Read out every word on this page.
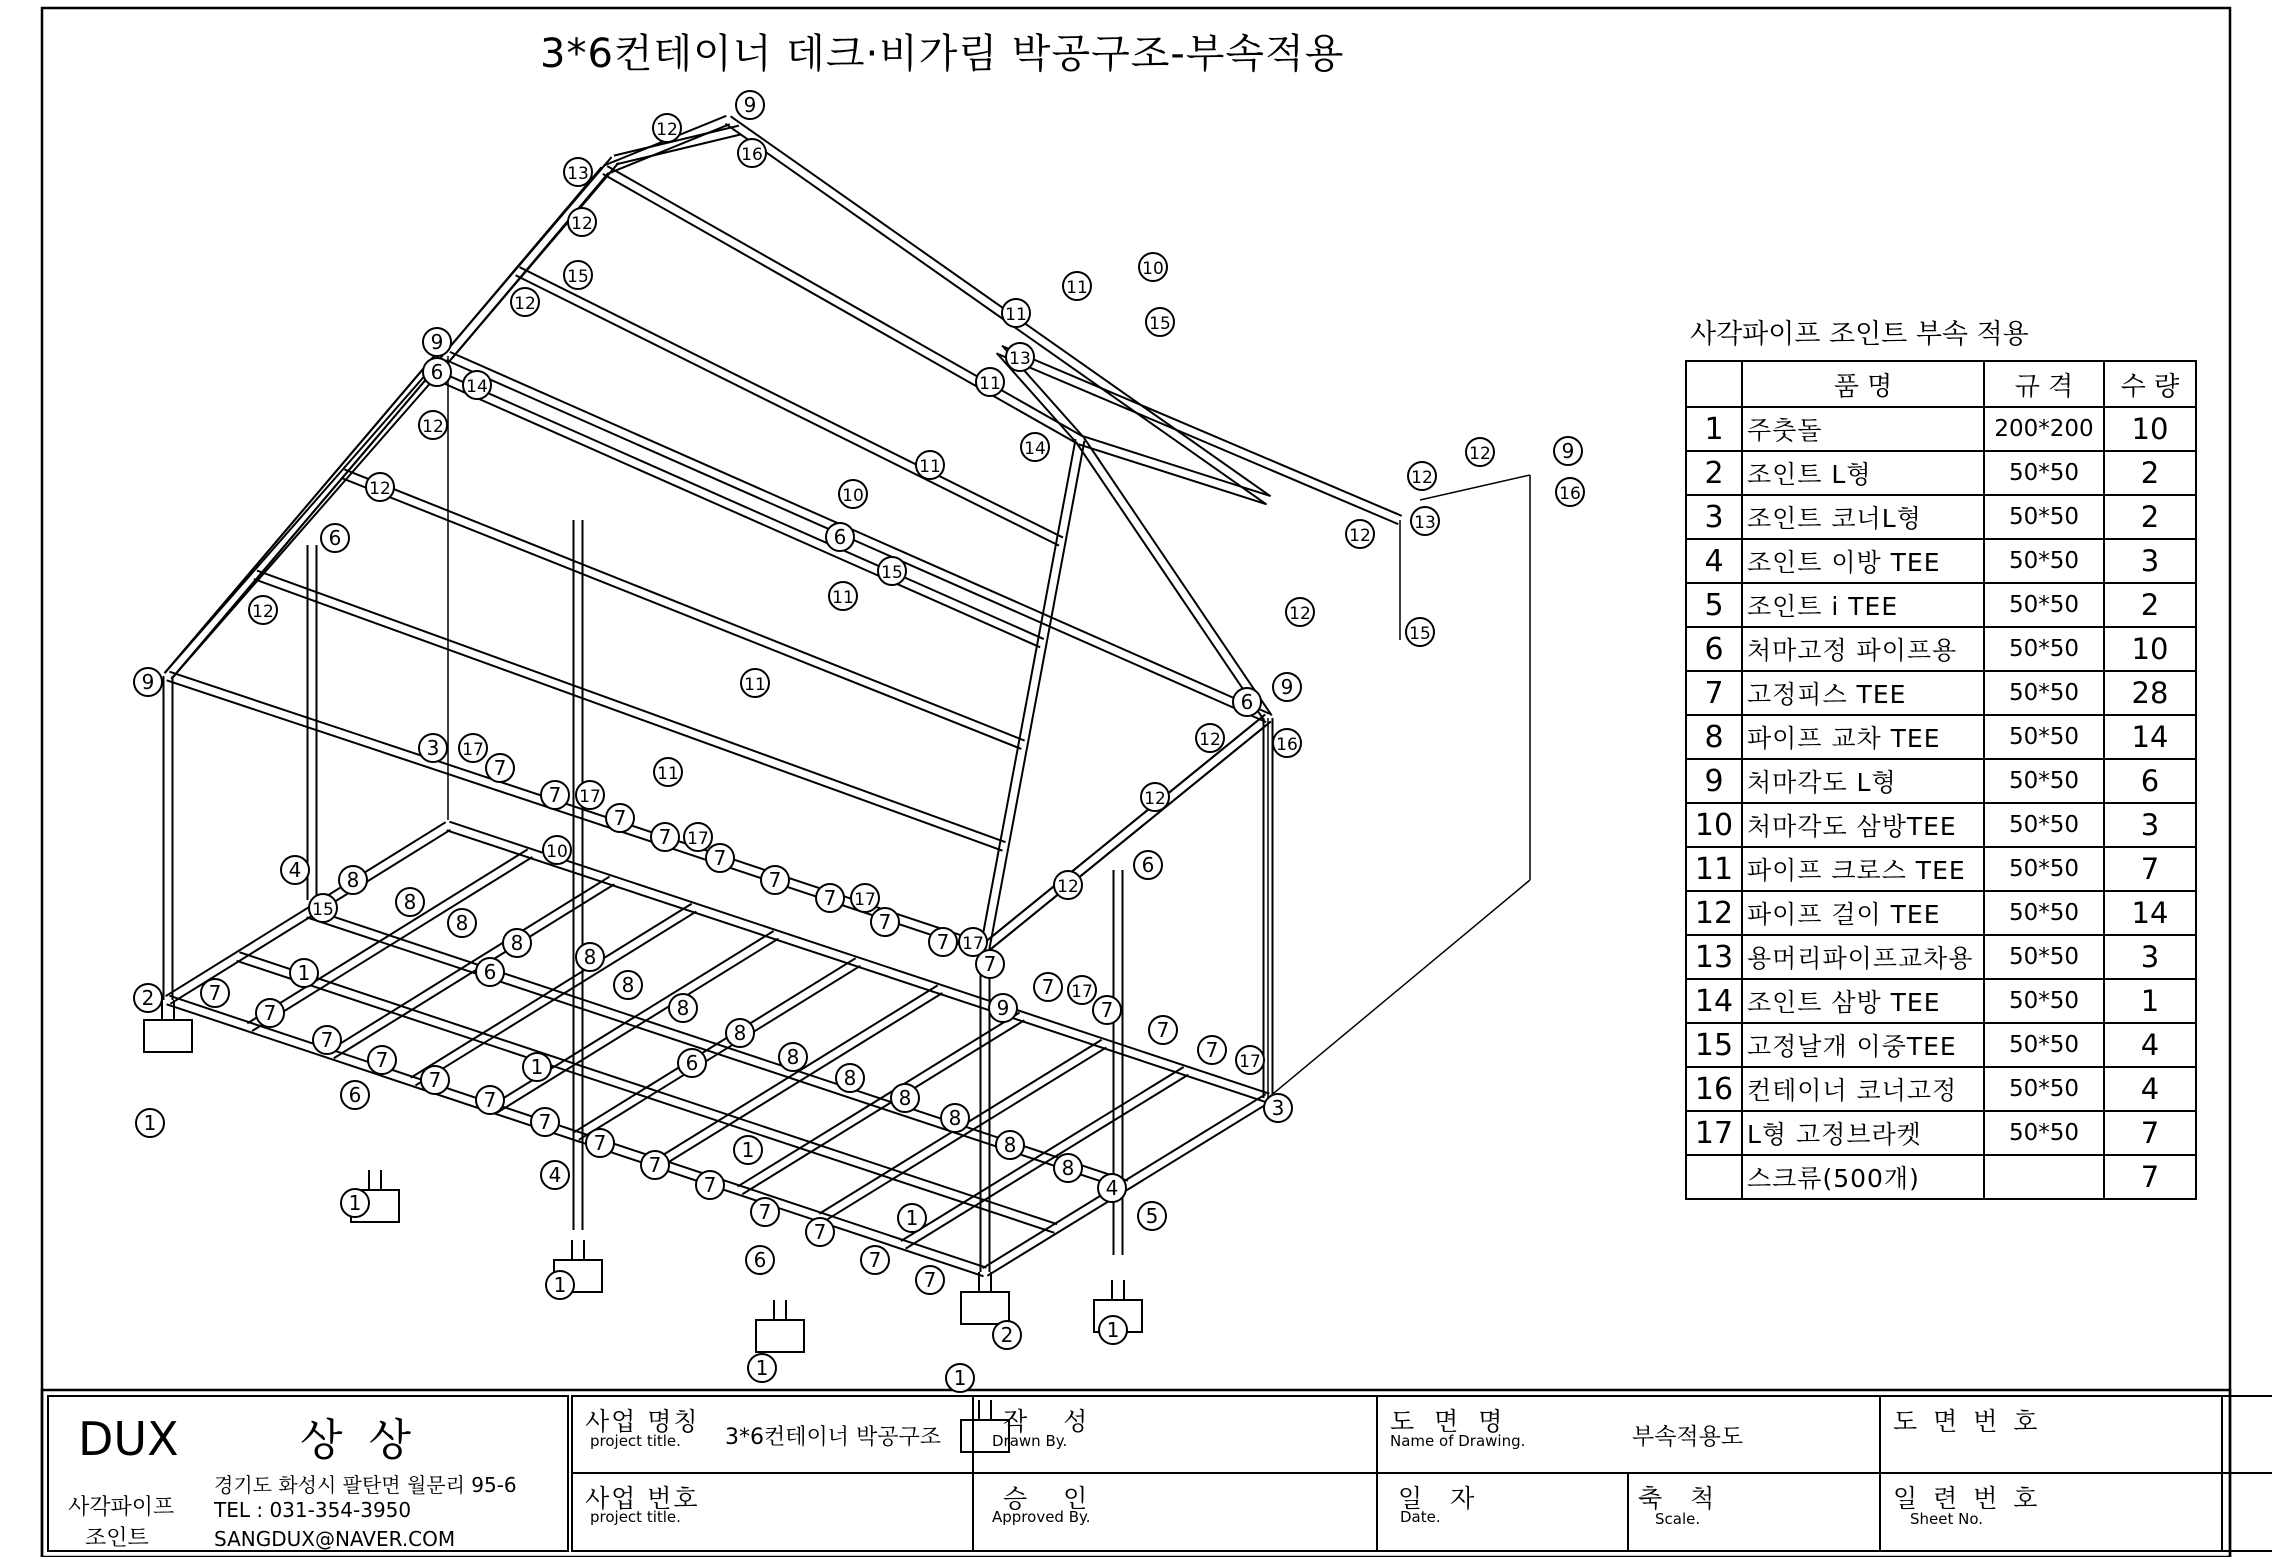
9
12
16
13
12
15
12
10
11
15
11
13
9
6
14
12
12
11
14
11
12	9
12
16
13
12
10
6
15
11
6
12
15
12
11
9	9
6
16
12
11
3 17
7
12
7 17
7
7 17
7
10
12
6
4 8	7
7 17
7
8
15
7 17
7
8
8
1	6
8
2	7
7	9
7 17
7
8
8
7
8
7 17
7
7
7
6	8
3
8
8
6
1
7
7	8
8
8
7	1
7
7	4
5
4
7	1
7
6	7
7
1
1
1
2	1
1	1
3*6컨테이너 데크·비가림 박공구조-부속적용
사각파이프 조인트 부속 적용
	품 명	규 격	수 량
1	주춧돌	200*200	10
2	조인트 L형	50*50	2
3	조인트 코너L형	50*50	2
4	조인트 이방 TEE	50*50	3
5	조인트 i TEE	50*50	2
6	처마고정 파이프용	50*50	10
7	고정피스 TEE	50*50	28
8	파이프 교차 TEE	50*50	14
9	처마각도 L형	50*50	6
10	처마각도 삼방TEE	50*50	3
11	파이프 크로스 TEE	50*50	7
12	파이프 걸이 TEE	50*50	14
13	용머리파이프교차용	50*50	3
14	조인트 삼방 TEE	50*50	1
15	고정날개 이중TEE	50*50	4
16	컨테이너 코너고정	50*50	4
17	L형 고정브라켓	50*50	7
	스크류(500개)		7
DUX	상 상
사각파이프
조인트
경기도 화성시 팔탄면 월문리 95-6
TEL : 031-354-3950
SANGDUX@NAVER.COM
사업 명칭
project title. 3*6컨테이너 박공구조
사업 번호
project title.
작 성
Drawn By.
승 인
Approved By.
도 면 명
Name of Drawing.	부속적용도
일 자
Date.
축 척
Scale.
도 면 번 호
일 련 번 호
Sheet No.
